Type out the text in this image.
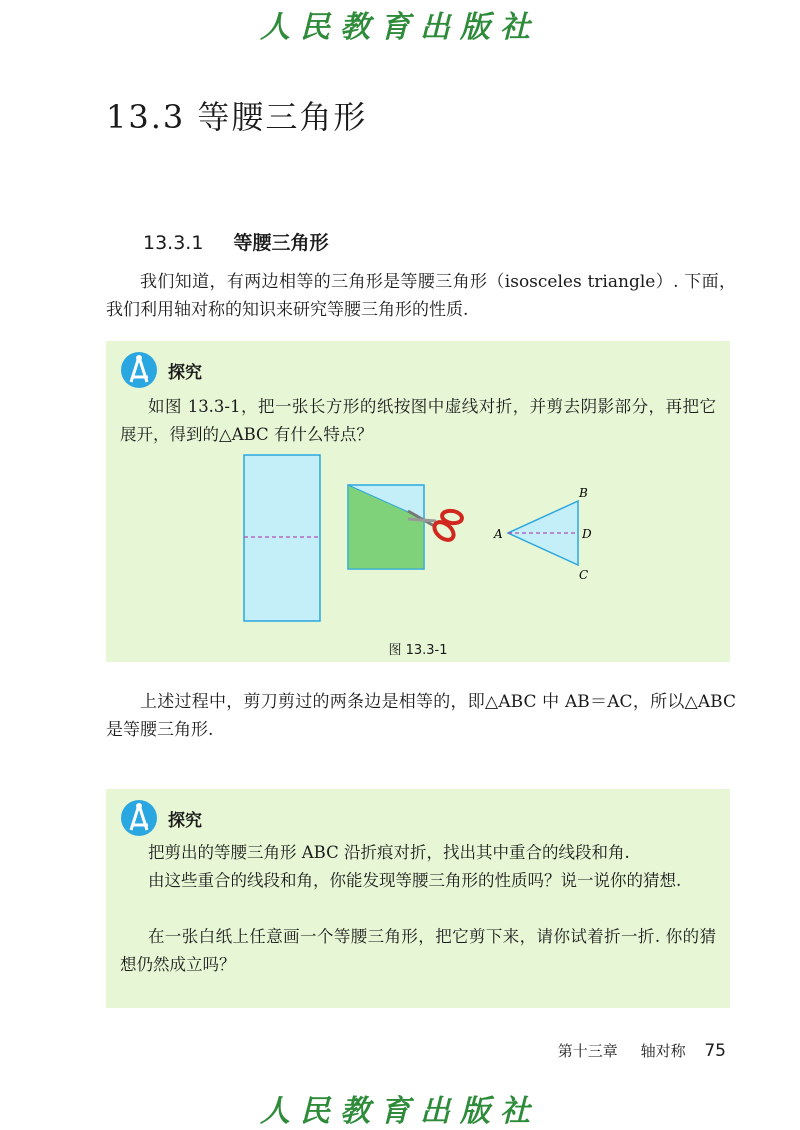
人民教育出版社
13.3 等腰三角形
13.3.1 等腰三角形
我们知道，有两边相等的三角形是等腰三角形（isosceles triangle）. 下面，我们利用轴对称的知识来研究等腰三角形的性质.
探究
如图 13.3-1，把一张长方形的纸按图中虚线对折，并剪去阴影部分，再把它展开，得到的△ABC 有什么特点？
A
B
D
C
图 13.3-1
上述过程中，剪刀剪过的两条边是相等的，即△ABC 中 AB＝AC，所以△ABC 是等腰三角形.
探究
把剪出的等腰三角形 ABC 沿折痕对折，找出其中重合的线段和角.
由这些重合的线段和角，你能发现等腰三角形的性质吗？说一说你的猜想.
在一张白纸上任意画一个等腰三角形，把它剪下来，请你试着折一折. 你的猜想仍然成立吗？
第十三章 轴对称 75
人民教育出版社
